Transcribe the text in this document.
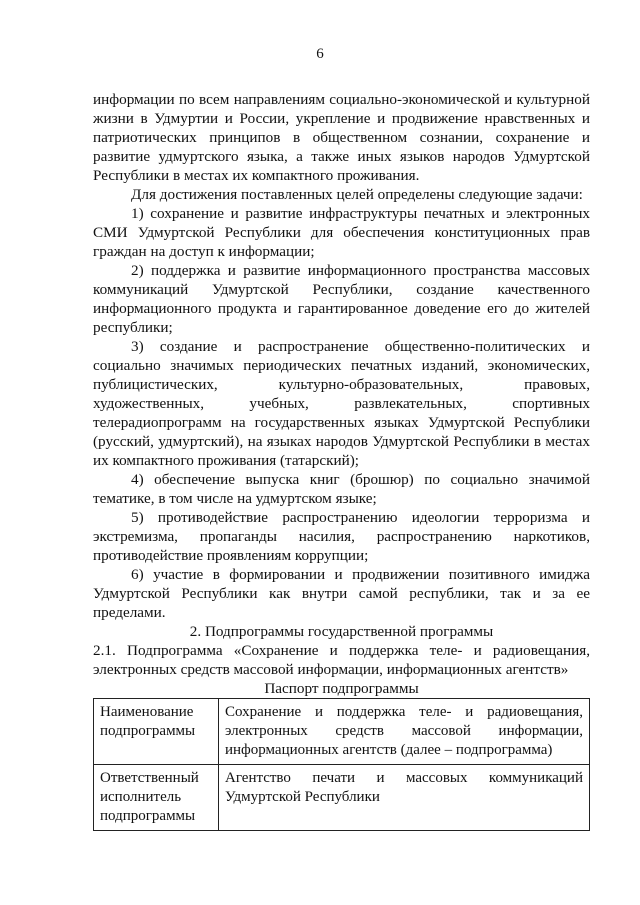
6

информации по всем направлениям социально-экономической и культурной жизни в Удмуртии и России, укрепление и продвижение нравственных и патриотических принципов в общественном сознании, сохранение и развитие удмуртского языка, а также иных языков народов Удмуртской Республики в местах их компактного проживания.

Для достижения поставленных целей определены следующие задачи:

1) сохранение и развитие инфраструктуры печатных и электронных СМИ Удмуртской Республики для обеспечения конституционных прав граждан на доступ к информации;

2) поддержка и развитие информационного пространства массовых коммуникаций Удмуртской Республики, создание качественного информационного продукта и гарантированное доведение его до жителей республики;

3) создание и распространение общественно-политических и социально значимых периодических печатных изданий, экономических, публицистических, культурно-образовательных, правовых, художественных, учебных, развлекательных, спортивных телерадиопрограмм на государственных языках Удмуртской Республики (русский, удмуртский), на языках народов Удмуртской Республики в местах их компактного проживания (татарский);

4) обеспечение выпуска книг (брошюр) по социально значимой тематике, в том числе на удмуртском языке;

5) противодействие распространению идеологии терроризма и экстремизма, пропаганды насилия, распространению наркотиков, противодействие проявлениям коррупции;

6) участие в формировании и продвижении позитивного имиджа Удмуртской Республики как внутри самой республики, так и за ее пределами.

2. Подпрограммы государственной программы

2.1. Подпрограмма «Сохранение и поддержка теле- и радиовещания, электронных средств массовой информации, информационных агентств»

Паспорт подпрограммы

Наименование подпрограммы	Сохранение и поддержка теле- и радиовещания, электронных средств массовой информации, информационных агентств (далее – подпрограмма)
Ответственный исполнитель подпрограммы	Агентство печати и массовых коммуникаций Удмуртской Республики
